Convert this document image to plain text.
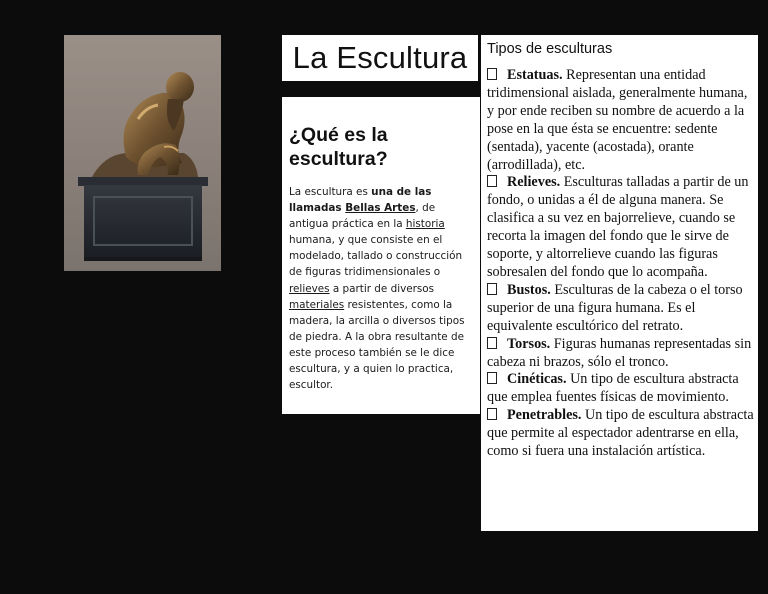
La Escultura
¿Qué es la escultura?

La escultura es una de las llamadas Bellas Artes, de antigua práctica en la historia humana, y que consiste en el modelado, tallado o construcción de figuras tridimensionales o relieves a partir de diversos materiales resistentes, como la madera, la arcilla o diversos tipos de piedra. A la obra resultante de este proceso también se le dice escultura, y a quien lo practica, escultor.

Tipos de esculturas

Estatuas. Representan una entidad tridimensional aislada, generalmente humana, y por ende reciben su nombre de acuerdo a la pose en la que ésta se encuentre: sedente (sentada), yacente (acostada), orante (arrodillada), etc.

Relieves. Esculturas talladas a partir de un fondo, o unidas a él de alguna manera. Se clasifica a su vez en bajorrelieve, cuando se recorta la imagen del fondo que le sirve de soporte, y altorrelieve cuando las figuras sobresalen del fondo que lo acompaña.

Bustos. Esculturas de la cabeza o el torso superior de una figura humana. Es el equivalente escultórico del retrato.

Torsos. Figuras humanas representadas sin cabeza ni brazos, sólo el tronco.

Cinéticas. Un tipo de escultura abstracta que emplea fuentes físicas de movimiento.

Penetrables. Un tipo de escultura abstracta que permite al espectador adentrarse en ella, como si fuera una instalación artística.
